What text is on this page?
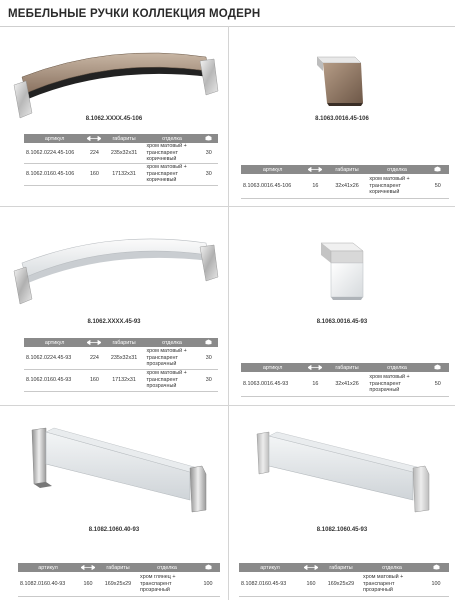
МЕБЕЛЬНЫЕ РУЧКИ КОЛЛЕКЦИЯ МОДЕРН
8.1062.XXXX.45-106
артикул		габариты	отделка	
8.1062.0224.45-106	224	235x32x31	хром матовый + транспарент коричневый	30
8.1062.0160.45-106	160	17132x31	хром матовый + транспарент коричневый	30
8.1063.0016.45-106
артикул		габариты	отделка	
8.1063.0016.45-106	16	32x41x26	хром матовый + транспарент коричневый	50
8.1062.XXXX.45-93
артикул		габариты	отделка	
8.1062.0224.45-93	224	235x32x31	хром матовый + транспарент прозрачный	30
8.1062.0160.45-93	160	17132x31	хром матовый + транспарент прозрачный	30
8.1063.0016.45-93
артикул		габариты	отделка	
8.1063.0016.45-93	16	32x41x26	хром матовый + транспарент прозрачный	50
8.1082.1060.40-93
артикул		габариты	отделка	
8.1082.0160.40-93	160	169x25x29	хром глянец + транспарент прозрачный	100
8.1082.1060.45-93
артикул		габариты	отделка	
8.1082.0160.45-93	160	169x25x29	хром матовый + транспарент прозрачный	100
